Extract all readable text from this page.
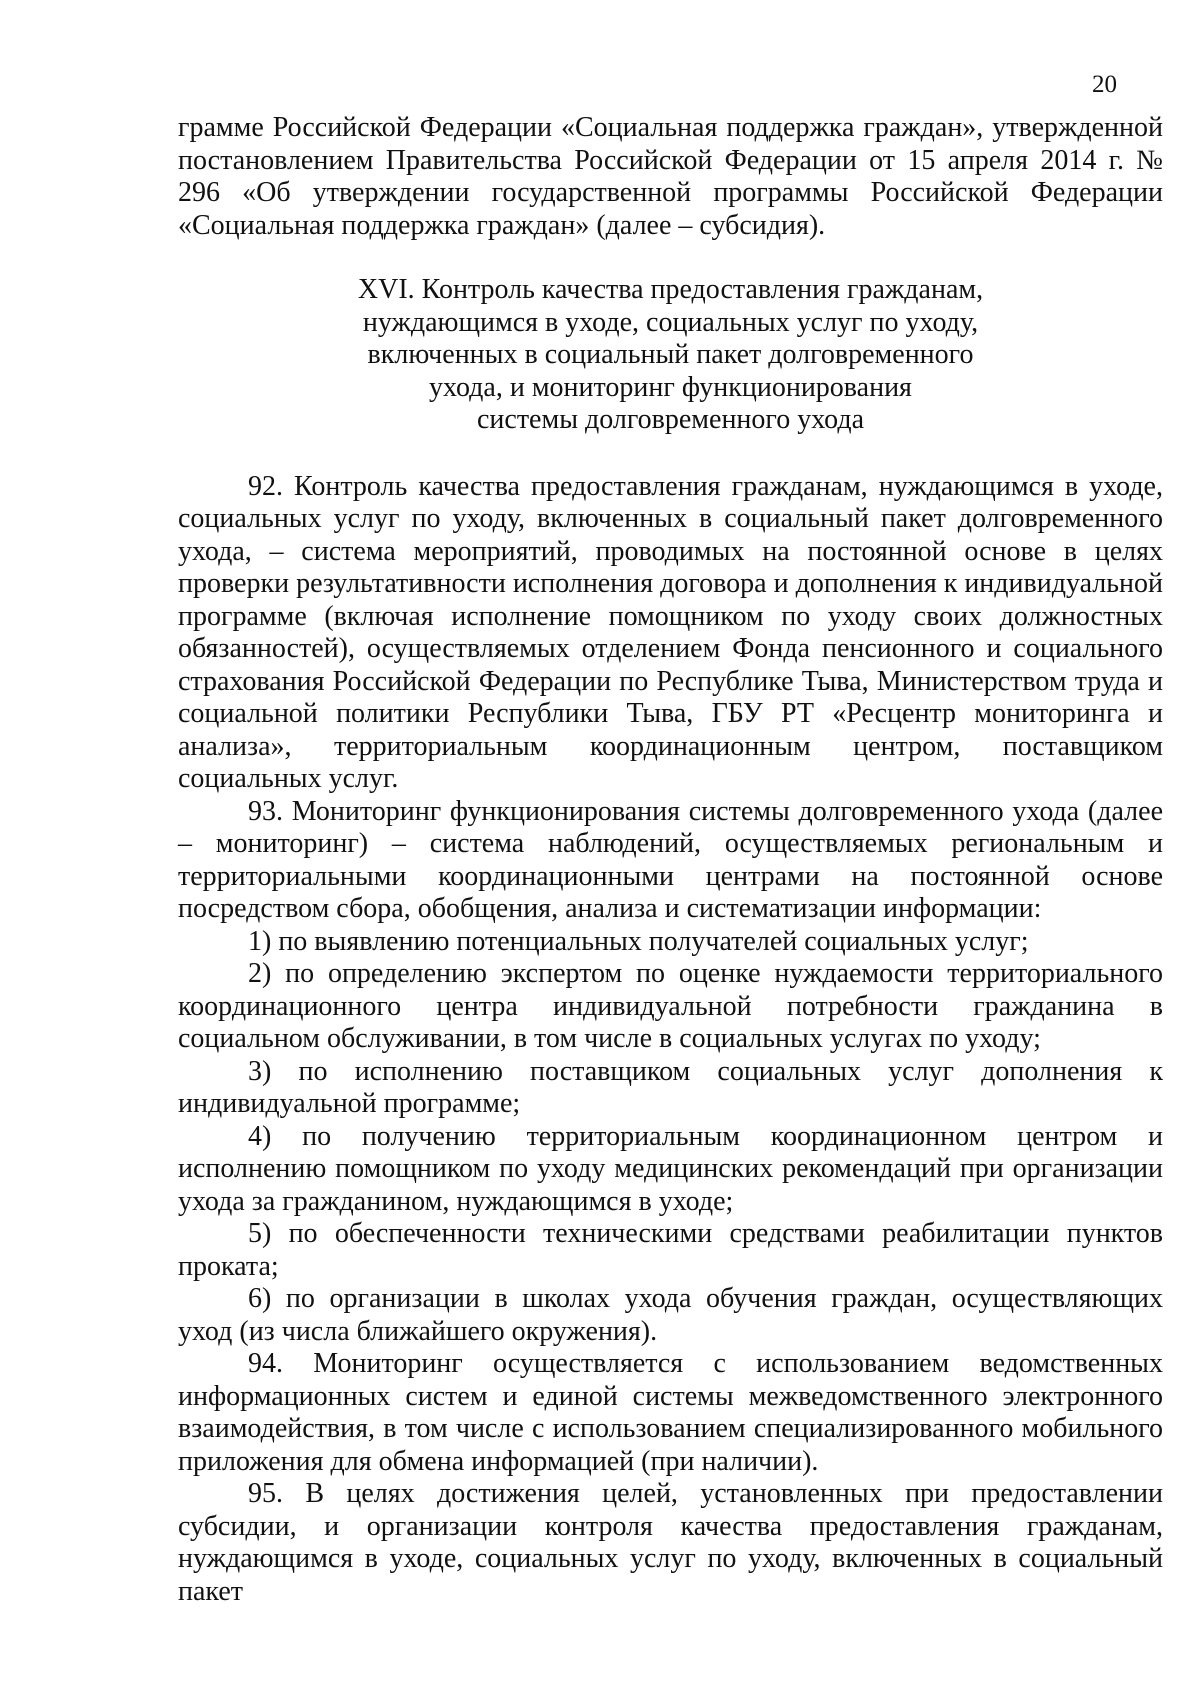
20

грамме Российской Федерации «Социальная поддержка граждан», утвержденной постановлением Правительства Российской Федерации от 15 апреля 2014 г. № 296 «Об утверждении государственной программы Российской Федерации «Социальная поддержка граждан» (далее – субсидия).

XVI. Контроль качества предоставления гражданам,
нуждающимся в уходе, социальных услуг по уходу,
включенных в социальный пакет долговременного
ухода, и мониторинг функционирования
системы долговременного ухода

92. Контроль качества предоставления гражданам, нуждающимся в уходе, социальных услуг по уходу, включенных в социальный пакет долговременного ухода, – система мероприятий, проводимых на постоянной основе в целях проверки результативности исполнения договора и дополнения к индивидуальной программе (включая исполнение помощником по уходу своих должностных обязанностей), осуществляемых отделением Фонда пенсионного и социального страхования Российской Федерации по Республике Тыва, Министерством труда и социальной политики Республики Тыва, ГБУ РТ «Ресцентр мониторинга и анализа», территориальным координационным центром, поставщиком социальных услуг.

93. Мониторинг функционирования системы долговременного ухода (далее – мониторинг) – система наблюдений, осуществляемых региональным и территориальными координационными центрами на постоянной основе посредством сбора, обобщения, анализа и систематизации информации:

1) по выявлению потенциальных получателей социальных услуг;

2) по определению экспертом по оценке нуждаемости территориального координационного центра индивидуальной потребности гражданина в социальном обслуживании, в том числе в социальных услугах по уходу;

3) по исполнению поставщиком социальных услуг дополнения к индивидуальной программе;

4) по получению территориальным координационном центром и исполнению помощником по уходу медицинских рекомендаций при организации ухода за гражданином, нуждающимся в уходе;

5) по обеспеченности техническими средствами реабилитации пунктов проката;

6) по организации в школах ухода обучения граждан, осуществляющих уход (из числа ближайшего окружения).

94. Мониторинг осуществляется с использованием ведомственных информационных систем и единой системы межведомственного электронного взаимодействия, в том числе с использованием специализированного мобильного приложения для обмена информацией (при наличии).

95. В целях достижения целей, установленных при предоставлении субсидии, и организации контроля качества предоставления гражданам, нуждающимся в уходе, социальных услуг по уходу, включенных в социальный пакет
